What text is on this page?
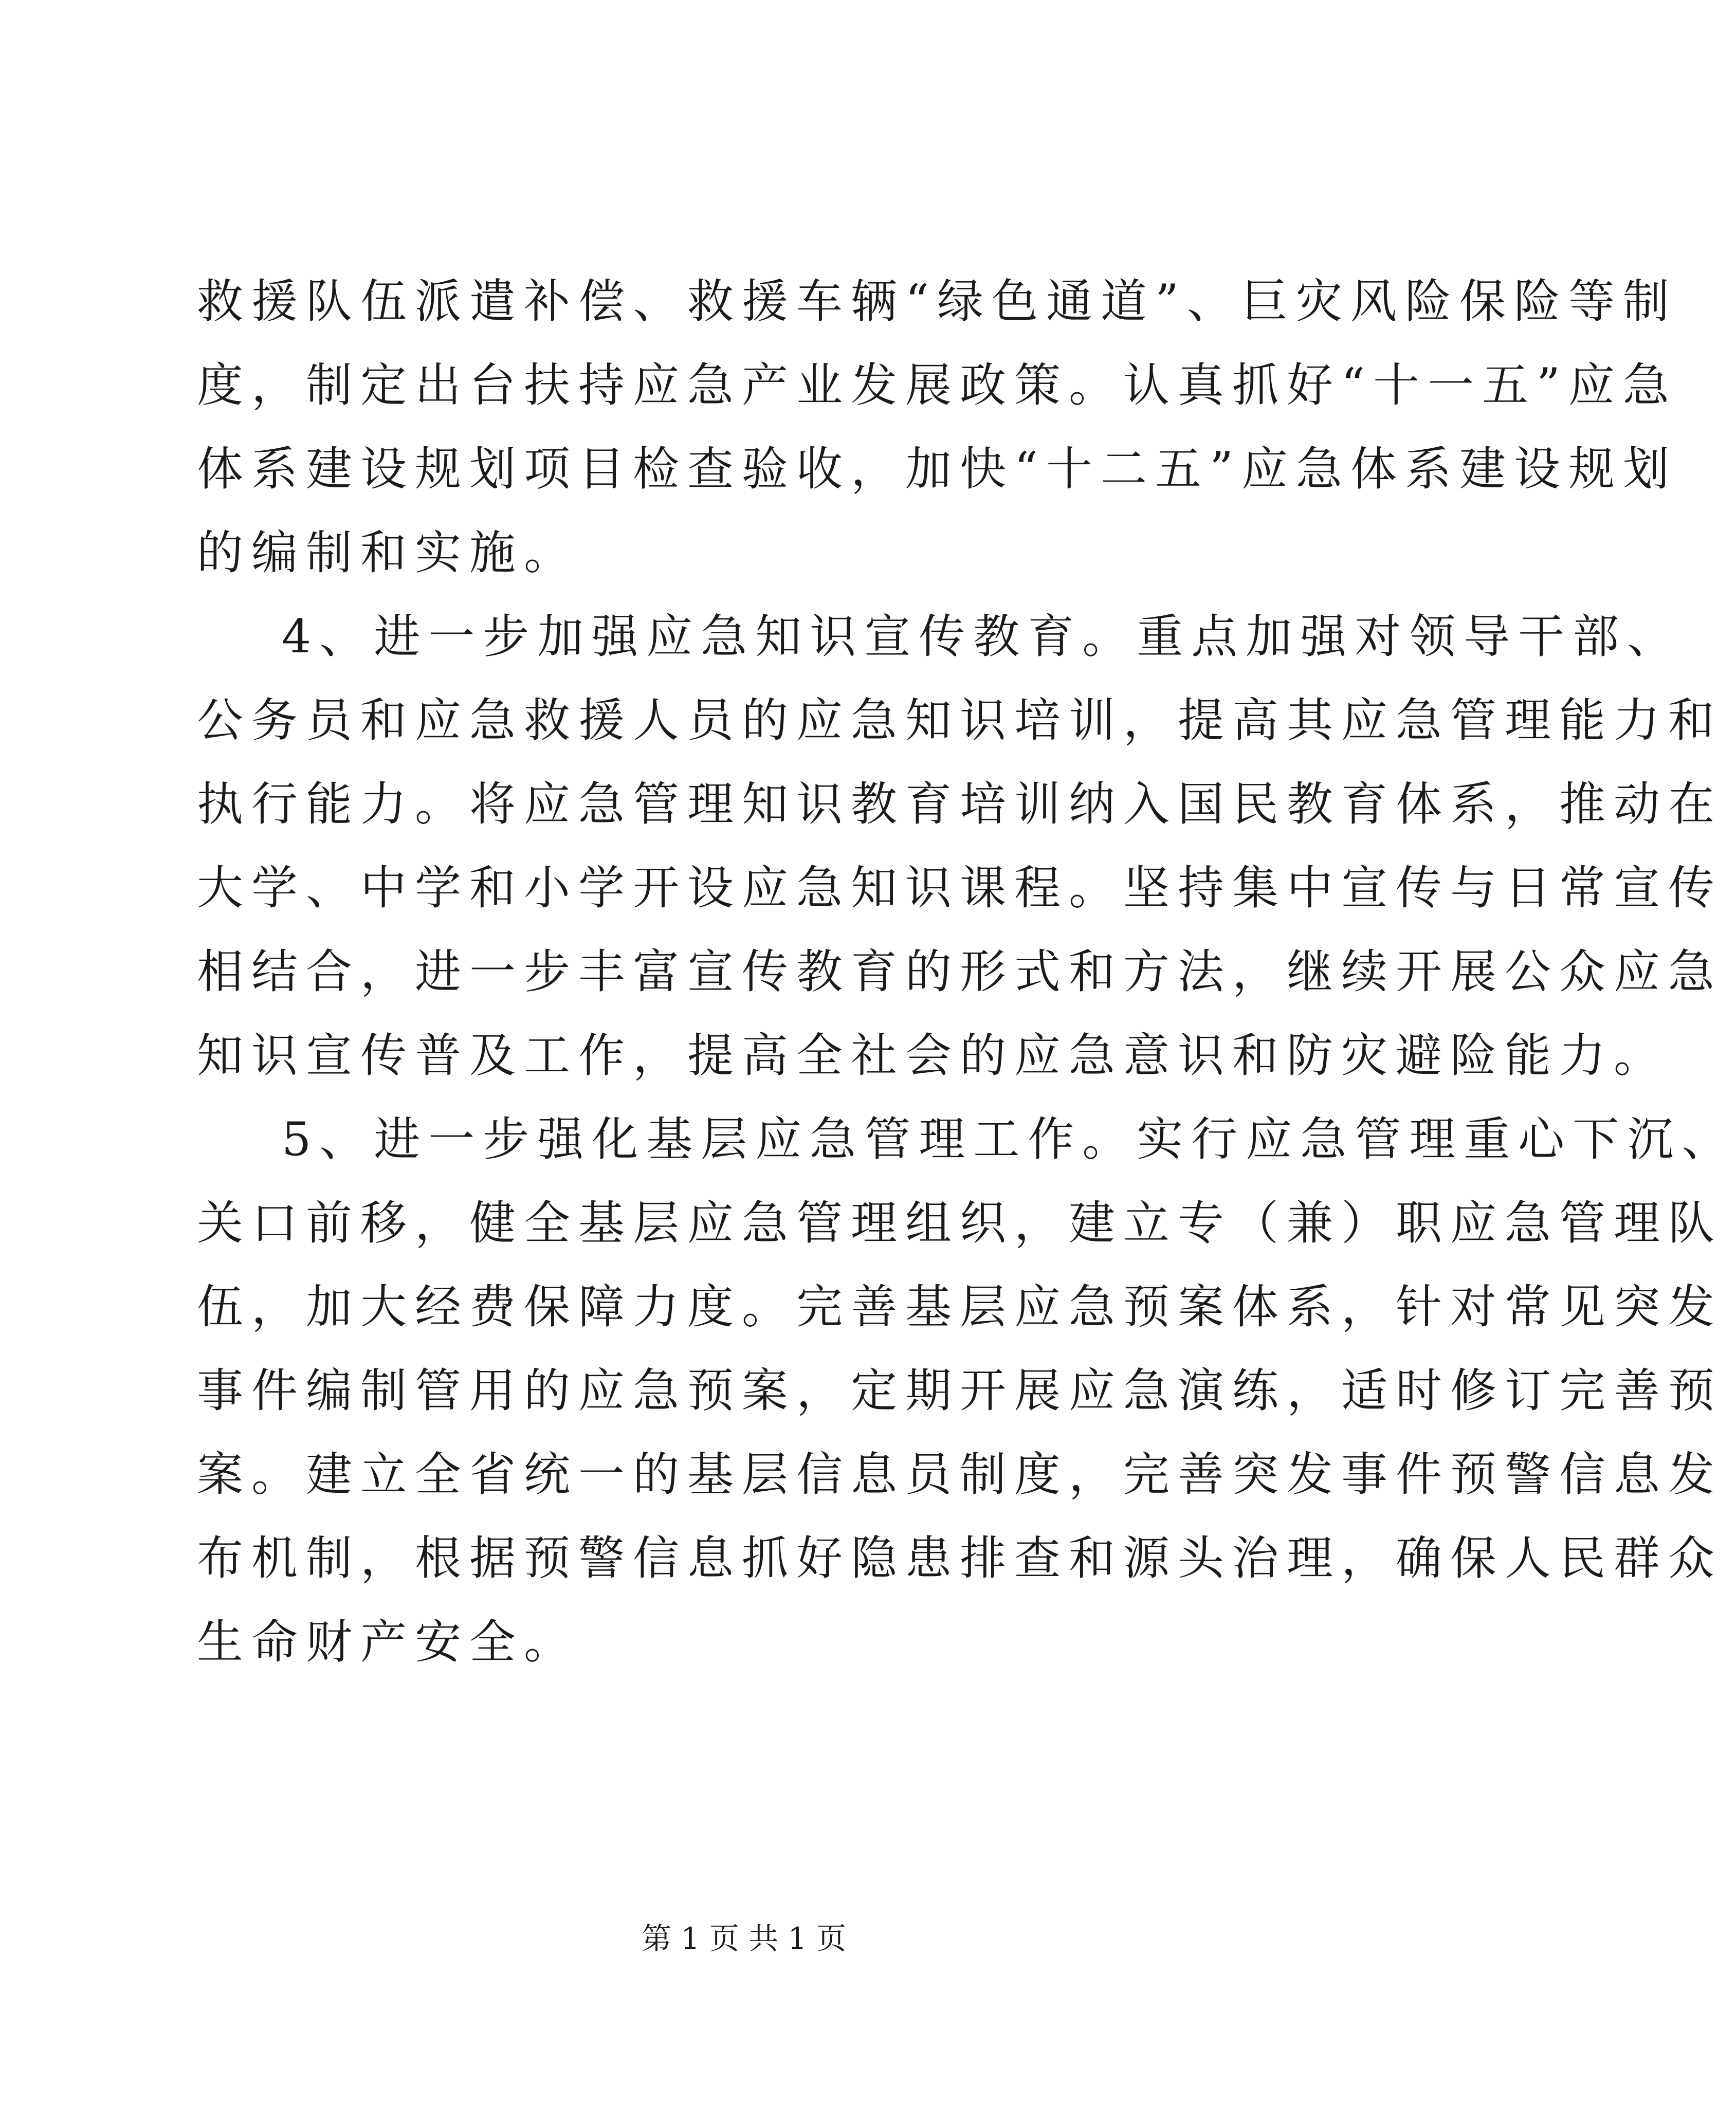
救援队伍派遣补偿、救援车辆“绿色通道”、巨灾风险保险等制
度，制定出台扶持应急产业发展政策。认真抓好“十一五”应急
体系建设规划项目检查验收，加快“十二五”应急体系建设规划
的编制和实施。
4、进一步加强应急知识宣传教育。重点加强对领导干部、
公务员和应急救援人员的应急知识培训，提高其应急管理能力和
执行能力。将应急管理知识教育培训纳入国民教育体系，推动在
大学、中学和小学开设应急知识课程。坚持集中宣传与日常宣传
相结合，进一步丰富宣传教育的形式和方法，继续开展公众应急
知识宣传普及工作，提高全社会的应急意识和防灾避险能力。
5、进一步强化基层应急管理工作。实行应急管理重心下沉、
关口前移，健全基层应急管理组织，建立专（兼）职应急管理队
伍，加大经费保障力度。完善基层应急预案体系，针对常见突发
事件编制管用的应急预案，定期开展应急演练，适时修订完善预
案。建立全省统一的基层信息员制度，完善突发事件预警信息发
布机制，根据预警信息抓好隐患排查和源头治理，确保人民群众
生命财产安全。
第 1 页 共 1 页
